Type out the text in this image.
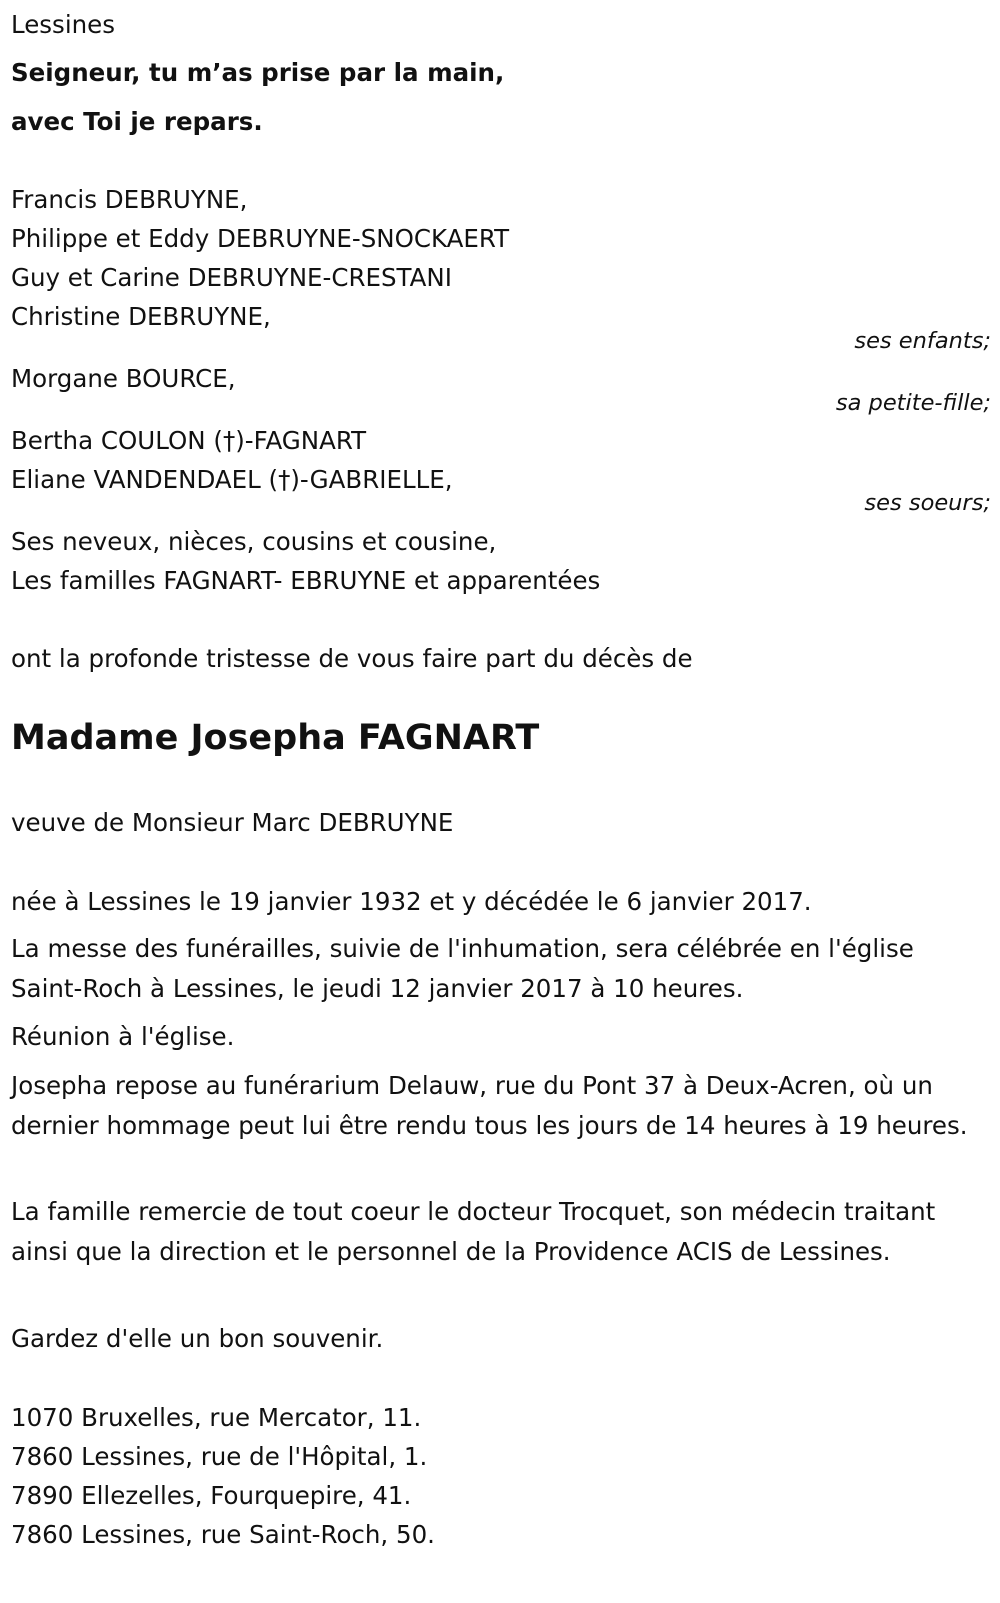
Lessines
Seigneur, tu m’as prise par la main,
avec Toi je repars.
Francis DEBRUYNE,
Philippe et Eddy DEBRUYNE-SNOCKAERT
Guy et Carine DEBRUYNE-CRESTANI
Christine DEBRUYNE,
ses enfants;
Morgane BOURCE,
sa petite-fille;
Bertha COULON (†)-FAGNART
Eliane VANDENDAEL (†)-GABRIELLE,
ses soeurs;
Ses neveux, nièces, cousins et cousine,
Les familles FAGNART- EBRUYNE et apparentées
ont la profonde tristesse de vous faire part du décès de
Madame Josepha FAGNART
veuve de Monsieur Marc DEBRUYNE
née à Lessines le 19 janvier 1932 et y décédée le 6 janvier 2017.
La messe des funérailles, suivie de l'inhumation, sera célébrée en l'église Saint-Roch à Lessines, le jeudi 12 janvier 2017 à 10 heures.
Réunion à l'église.
Josepha repose au funérarium Delauw, rue du Pont 37 à Deux-Acren, où un dernier hommage peut lui être rendu tous les jours de 14 heures à 19 heures.
La famille remercie de tout coeur le docteur Trocquet, son médecin traitant ainsi que la direction et le personnel de la Providence ACIS de Lessines.
Gardez d'elle un bon souvenir.
1070 Bruxelles, rue Mercator, 11.
7860 Lessines, rue de l'Hôpital, 1.
7890 Ellezelles, Fourquepire, 41.
7860 Lessines, rue Saint-Roch, 50.
